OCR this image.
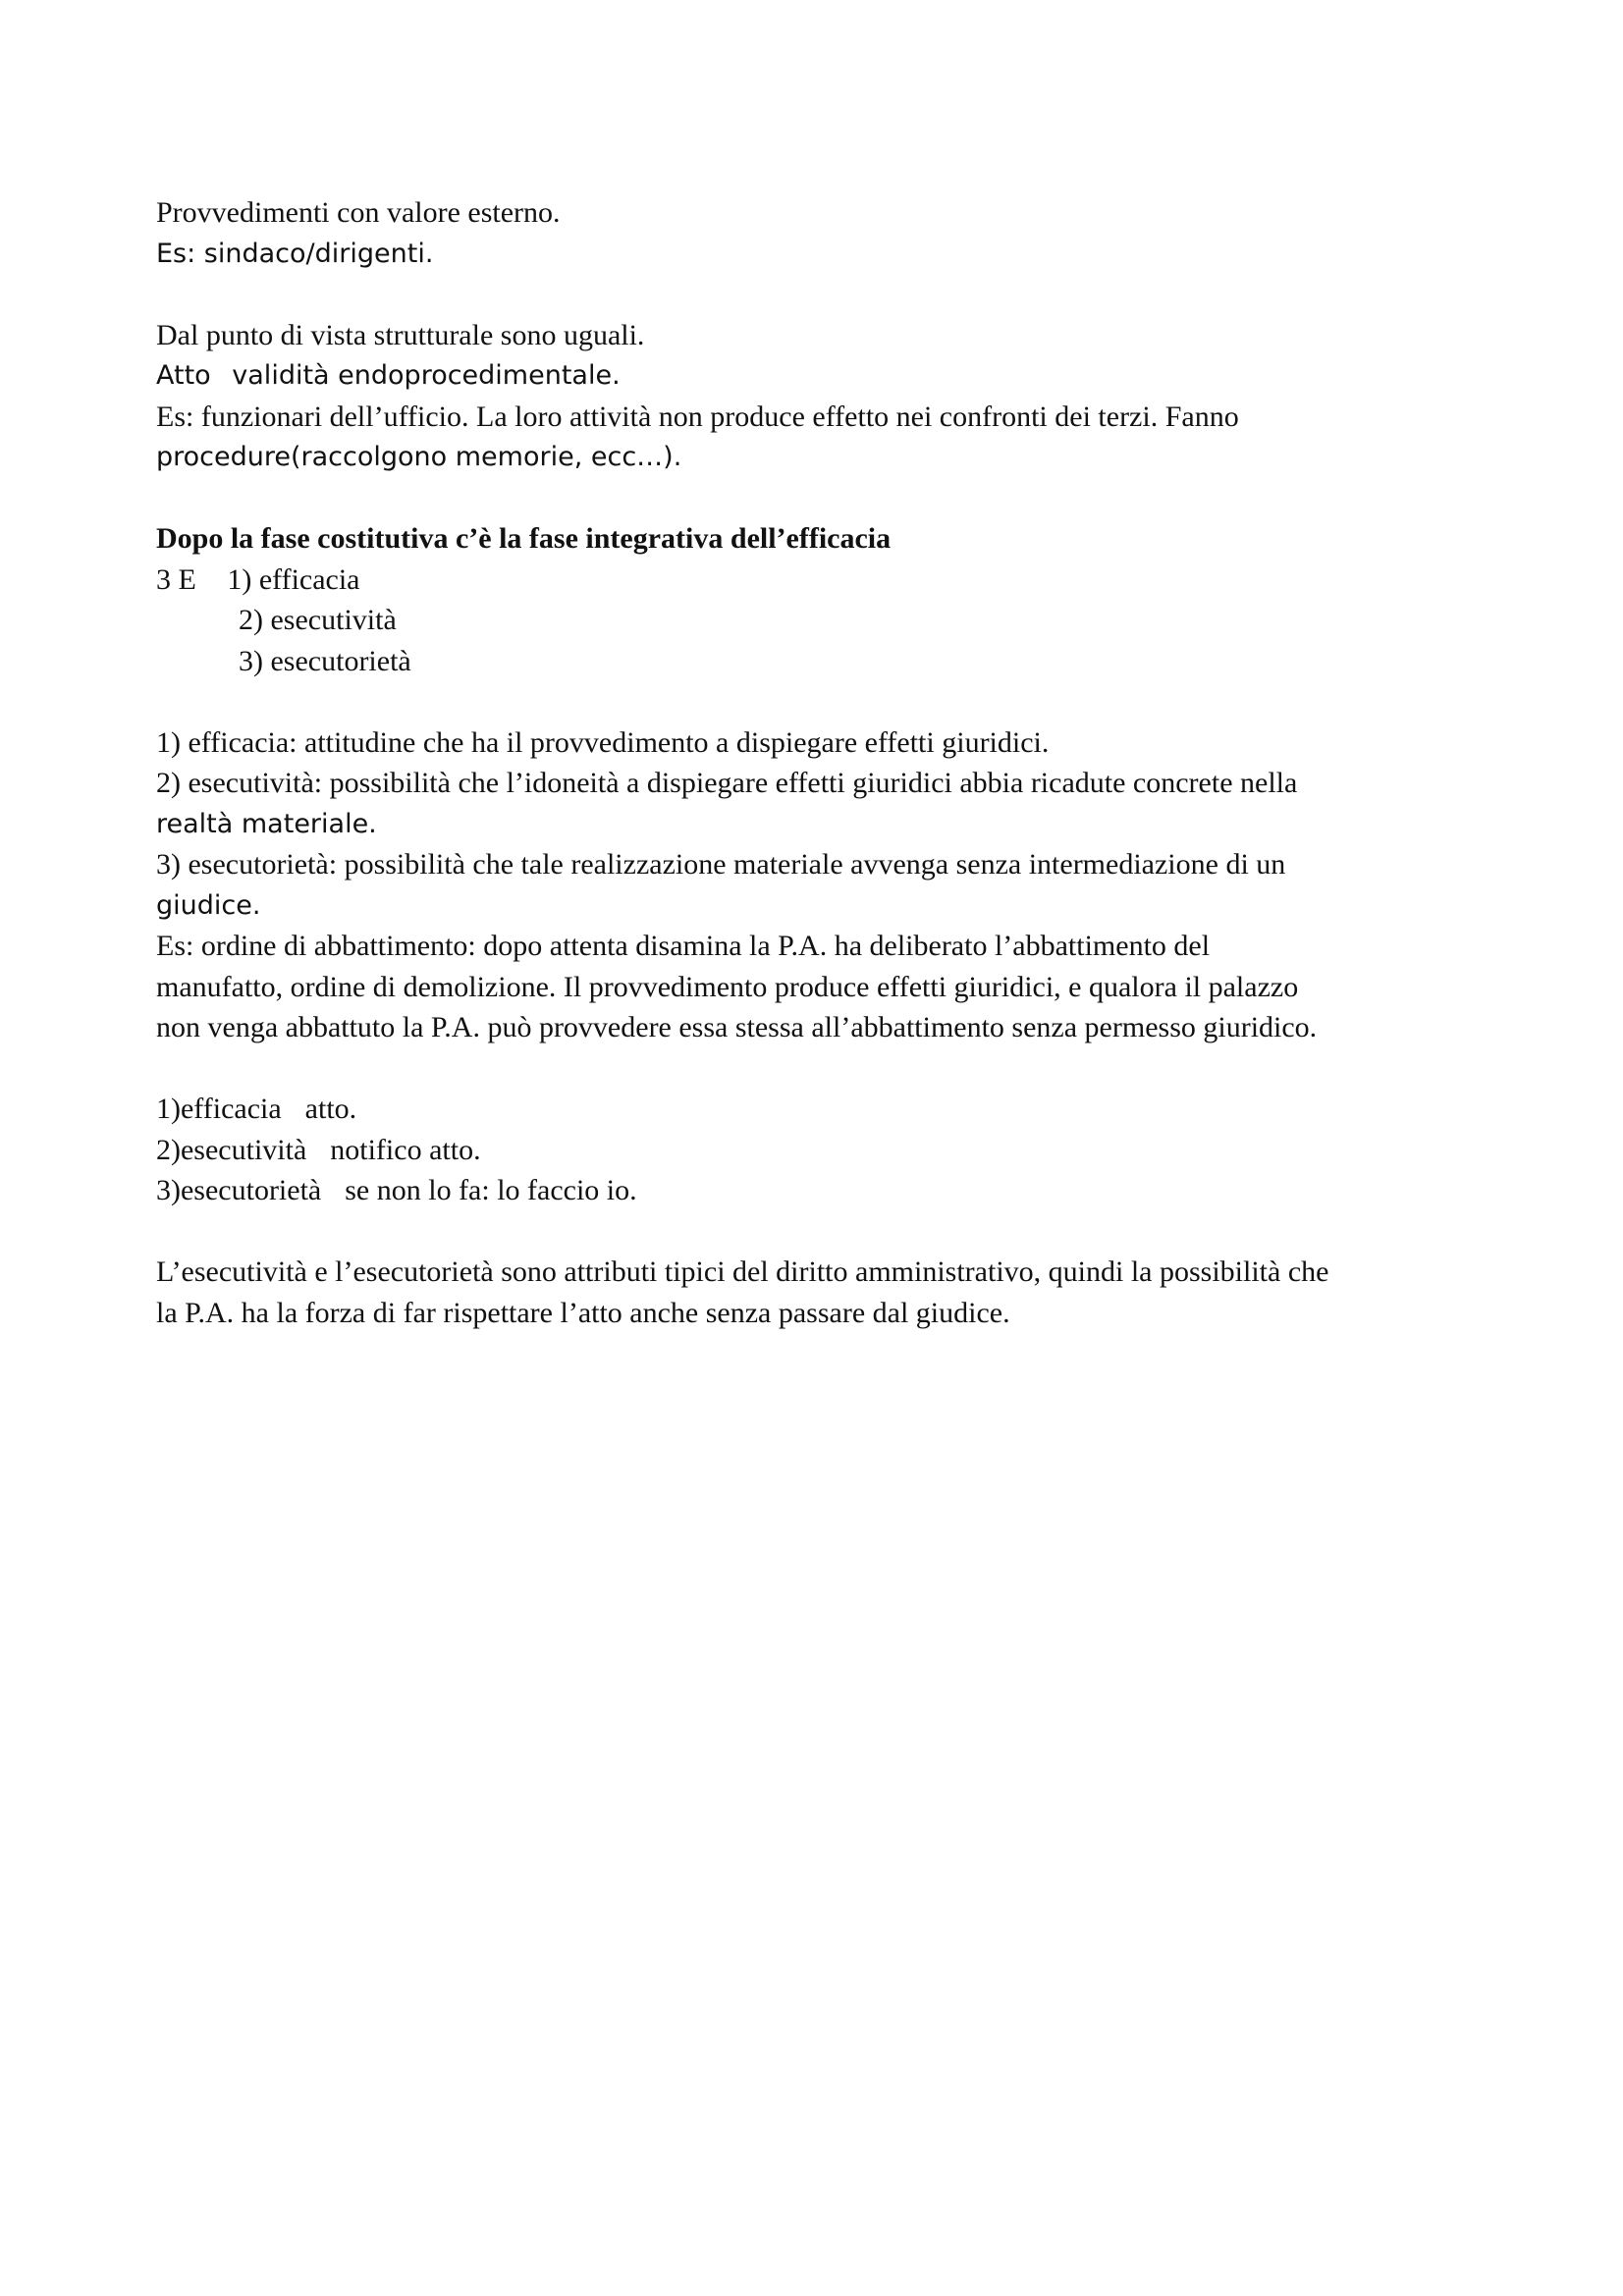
Provvedimenti con valore esterno.

Es: sindaco/dirigenti.

Dal punto di vista strutturale sono uguali.

Attovalidità endoprocedimentale.

Es: funzionari dell’ufficio. La loro attività non produce effetto nei confronti dei terzi. Fanno

procedure(raccolgono memorie, ecc…).

Dopo la fase costitutiva c’è la fase integrativa dell’efficacia

3 E 1) efficacia

2) esecutività

3) esecutorietà

1) efficacia: attitudine che ha il provvedimento a dispiegare effetti giuridici.

2) esecutività: possibilità che l’idoneità a dispiegare effetti giuridici abbia ricadute concrete nella

realtà materiale.

3) esecutorietà: possibilità che tale realizzazione materiale avvenga senza intermediazione di un

giudice.

Es: ordine di abbattimento: dopo attenta disamina la P.A. ha deliberato l’abbattimento del

manufatto, ordine di demolizione. Il provvedimento produce effetti giuridici, e qualora il palazzo

non venga abbattuto la P.A. può provvedere essa stessa all’abbattimento senza permesso giuridico.

1)efficaciaatto.

2)esecutivitànotifico atto.

3)esecutorietàse non lo fa: lo faccio io.

L’esecutività e l’esecutorietà sono attributi tipici del diritto amministrativo, quindi la possibilità che

la P.A. ha la forza di far rispettare l’atto anche senza passare dal giudice.
